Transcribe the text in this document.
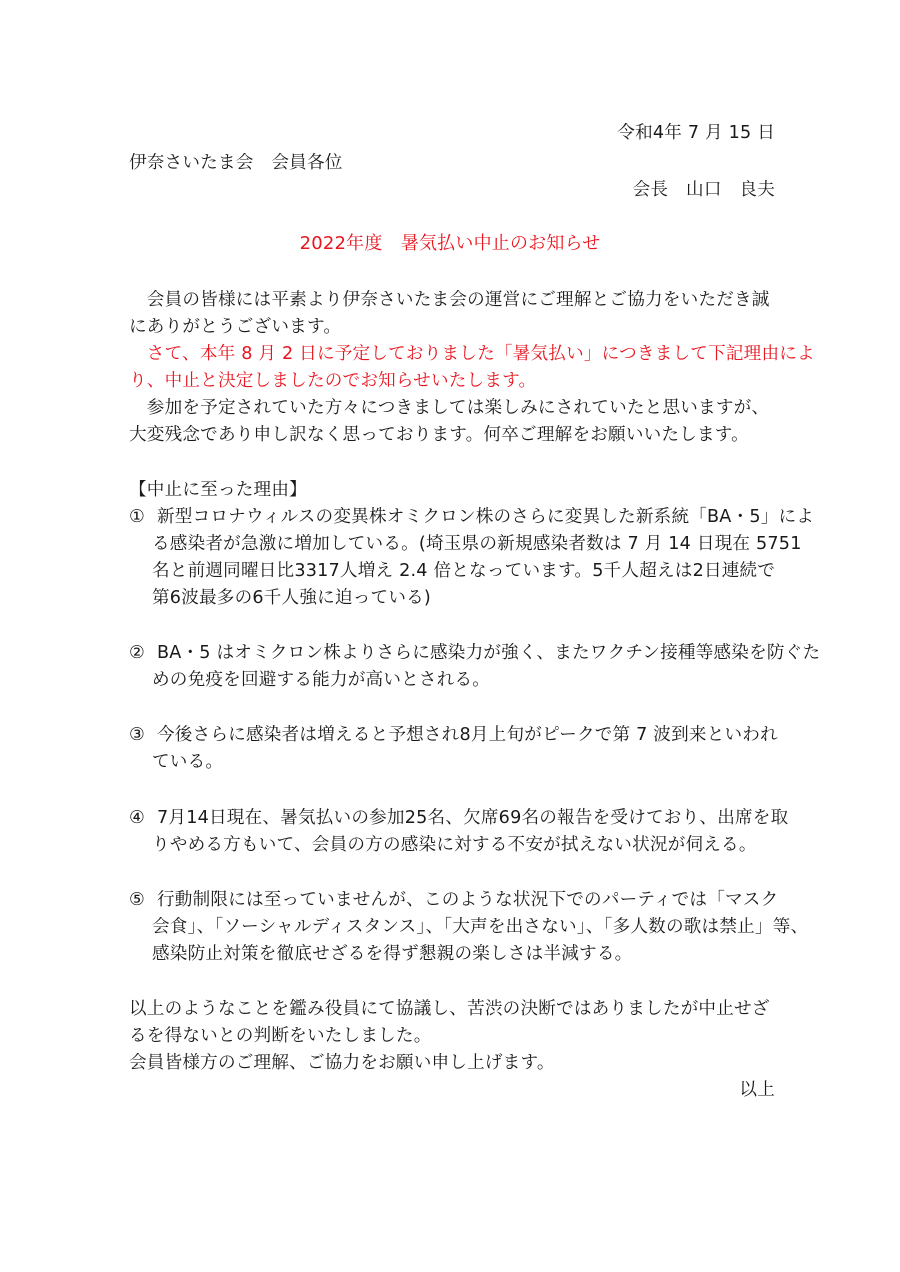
令和4年 7 月 15 日

伊奈さいたま会　会員各位

会長　山口　良夫

2022年度　暑気払い中止のお知らせ

　会員の皆様には平素より伊奈さいたま会の運営にご理解とご協力をいただき誠

にありがとうございます。

　さて、本年 8 月 2 日に予定しておりました「暑気払い」につきまして下記理由によ

り、中止と決定しましたのでお知らせいたします。

　参加を予定されていた方々につきましては楽しみにされていたと思いますが、

大変残念であり申し訳なく思っております。何卒ご理解をお願いいたします。

【中止に至った理由】

① 新型コロナウィルスの変異株オミクロン株のさらに変異した新系統「BA・5」によ

る感染者が急激に増加している。(埼玉県の新規感染者数は 7 月 14 日現在 5751

名と前週同曜日比3317人増え 2.4 倍となっています。5千人超えは2日連続で

第6波最多の6千人強に迫っている)

② BA・5 はオミクロン株よりさらに感染力が強く、またワクチン接種等感染を防ぐた

めの免疫を回避する能力が高いとされる。

③ 今後さらに感染者は増えると予想され8月上旬がピークで第 7 波到来といわれ

ている。

④ 7月14日現在、暑気払いの参加25名、欠席69名の報告を受けており、出席を取

りやめる方もいて、会員の方の感染に対する不安が拭えない状況が伺える。

⑤ 行動制限には至っていませんが、このような状況下でのパーティでは「マスク

会食」、「ソーシャルディスタンス」、「大声を出さない」、「多人数の歌は禁止」等、

感染防止対策を徹底せざるを得ず懇親の楽しさは半減する。

以上のようなことを鑑み役員にて協議し、苦渋の決断ではありましたが中止せざ

るを得ないとの判断をいたしました。

会員皆様方のご理解、ご協力をお願い申し上げます。

以上
